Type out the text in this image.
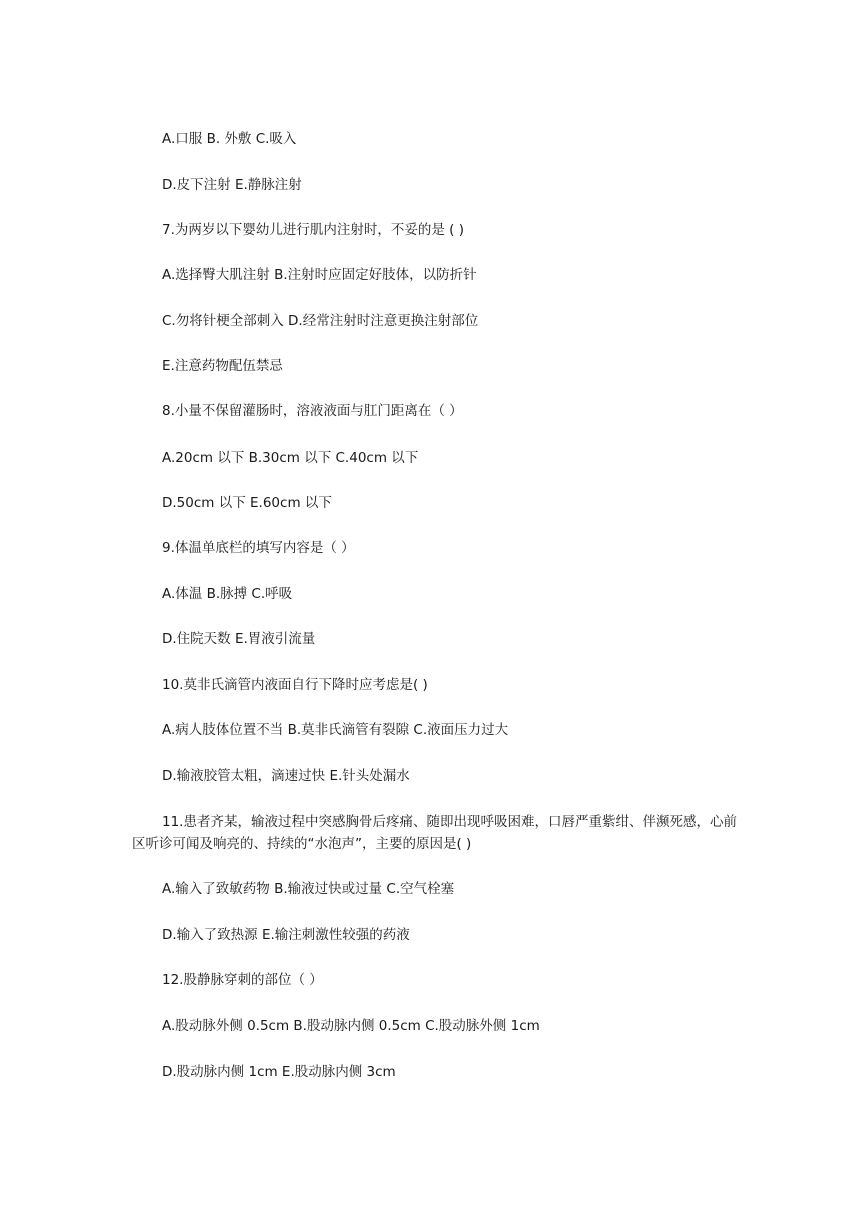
A.口服 B. 外敷 C.吸入
D.皮下注射 E.静脉注射
7.为两岁以下婴幼儿进行肌内注射时，不妥的是 ( )
A.选择臀大肌注射 B.注射时应固定好肢体，以防折针
C.勿将针梗全部刺入 D.经常注射时注意更换注射部位
E.注意药物配伍禁忌
8.小量不保留灌肠时，溶液液面与肛门距离在（ ）
A.20cm 以下 B.30cm 以下 C.40cm 以下
D.50cm 以下 E.60cm 以下
9.体温单底栏的填写内容是（ ）
A.体温 B.脉搏 C.呼吸
D.住院天数 E.胃液引流量
10.莫非氏滴管内液面自行下降时应考虑是( )
A.病人肢体位置不当 B.莫非氏滴管有裂隙 C.液面压力过大
D.输液胶管太粗，滴速过快 E.针头处漏水
11.患者齐某，输液过程中突感胸骨后疼痛、随即出现呼吸困难，口唇严重紫绀、伴濒死感，心前区听诊可闻及响亮的、持续的“水泡声”，主要的原因是( )
A.输入了致敏药物 B.输液过快或过量 C.空气栓塞
D.输入了致热源 E.输注刺激性较强的药液
12.股静脉穿刺的部位（ ）
A.股动脉外侧 0.5cm B.股动脉内侧 0.5cm C.股动脉外侧 1cm
D.股动脉内侧 1cm E.股动脉内侧 3cm
